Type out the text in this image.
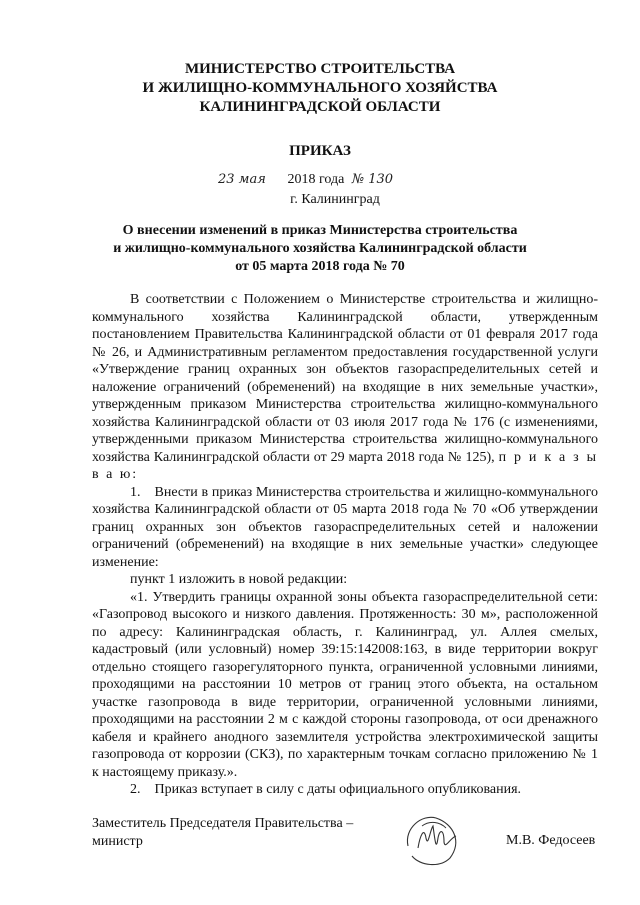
МИНИСТЕРСТВО СТРОИТЕЛЬСТВА
И ЖИЛИЩНО-КОММУНАЛЬНОГО ХОЗЯЙСТВА
КАЛИНИНГРАДСКОЙ ОБЛАСТИ
ПРИКАЗ
23 мая 2018 года № 130
г. Калининград
О внесении изменений в приказ Министерства строительства
и жилищно-коммунального хозяйства Калининградской области
от 05 марта 2018 года № 70

В соответствии с Положением о Министерстве строительства и жилищно-коммунального хозяйства Калининградской области, утвержденным постановлением Правительства Калининградской области от 01 февраля 2017 года № 26, и Административным регламентом предоставления государственной услуги «Утверждение границ охранных зон объектов газораспределительных сетей и наложение ограничений (обременений) на входящие в них земельные участки», утвержденным приказом Министерства строительства жилищно-коммунального хозяйства Калининградской области от 03 июля 2017 года № 176 (с изменениями, утвержденными приказом Министерства строительства жилищно-коммунального хозяйства Калининградской области от 29 марта 2018 года № 125), п р и к а з ы в а ю:

1. Внести в приказ Министерства строительства и жилищно-коммунального хозяйства Калининградской области от 05 марта 2018 года № 70 «Об утверждении границ охранных зон объектов газораспределительных сетей и наложении ограничений (обременений) на входящие в них земельные участки» следующее изменение:

пункт 1 изложить в новой редакции:

«1. Утвердить границы охранной зоны объекта газораспределительной сети: «Газопровод высокого и низкого давления. Протяженность: 30 м», расположенной по адресу: Калининградская область, г. Калининград, ул. Аллея смелых, кадастровый (или условный) номер 39:15:142008:163, в виде территории вокруг отдельно стоящего газорегуляторного пункта, ограниченной условными линиями, проходящими на расстоянии 10 метров от границ этого объекта, на остальном участке газопровода в виде территории, ограниченной условными линиями, проходящими на расстоянии 2 м с каждой стороны газопровода, от оси дренажного кабеля и крайнего анодного заземлителя устройства электрохимической защиты газопровода от коррозии (СКЗ), по характерным точкам согласно приложению № 1 к настоящему приказу.».

2. Приказ вступает в силу с даты официального опубликования.

Заместитель Председателя Правительства –
министр	М.В. Федосеев
